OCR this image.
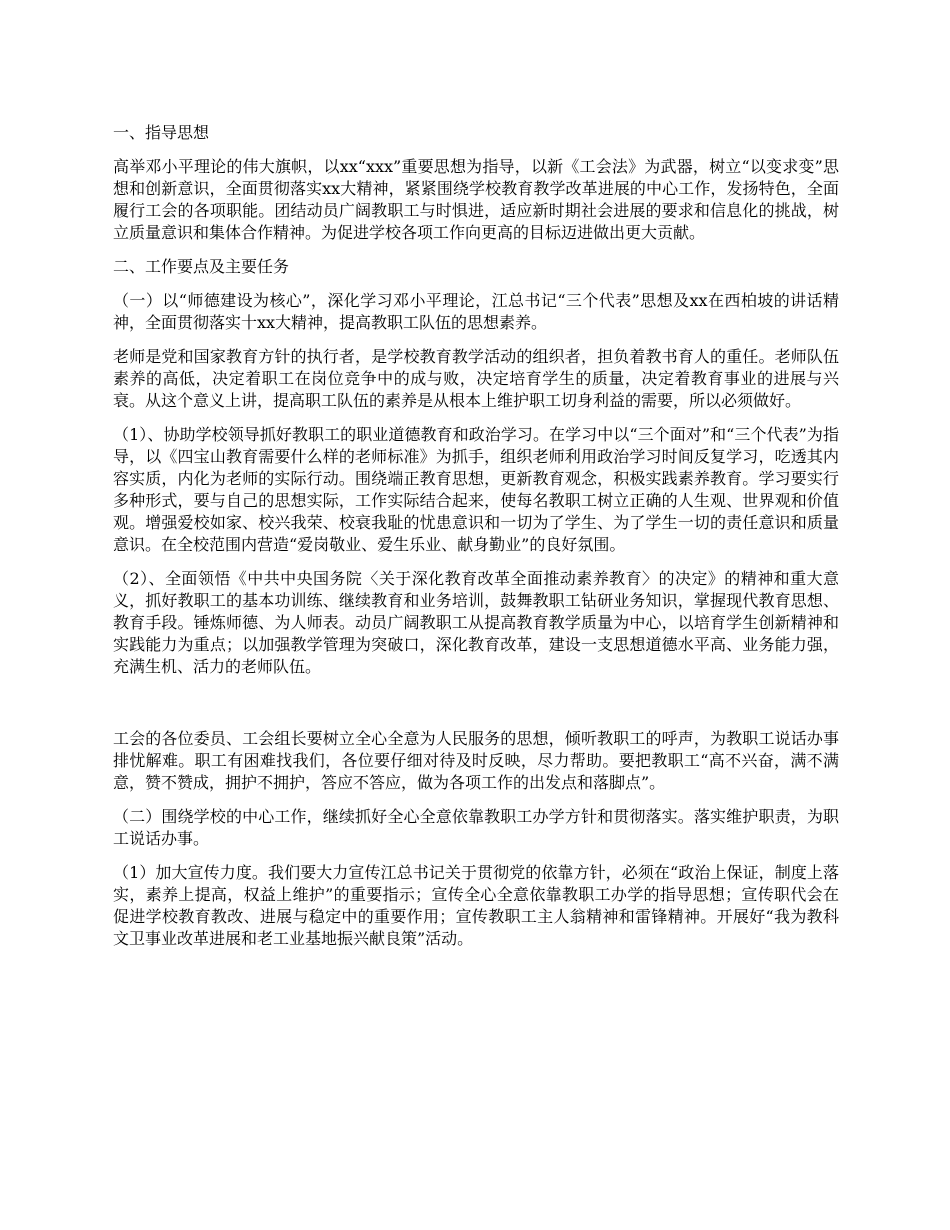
一、指导思想

高举邓小平理论的伟大旗帜，以xx“xxx”重要思想为指导，以新《工会法》为武器，树立“以变求变”思想和创新意识，全面贯彻落实xx大精神，紧紧围绕学校教育教学改革进展的中心工作，发扬特色，全面履行工会的各项职能。团结动员广阔教职工与时惧进，适应新时期社会进展的要求和信息化的挑战，树立质量意识和集体合作精神。为促进学校各项工作向更高的目标迈进做出更大贡献。

二、工作要点及主要任务

（一）以“师德建设为核心”，深化学习邓小平理论，江总书记“三个代表”思想及xx在西柏坡的讲话精神，全面贯彻落实十xx大精神，提高教职工队伍的思想素养。

老师是党和国家教育方针的执行者，是学校教育教学活动的组织者，担负着教书育人的重任。老师队伍素养的高低，决定着职工在岗位竞争中的成与败，决定培育学生的质量，决定着教育事业的进展与兴衰。从这个意义上讲，提高职工队伍的素养是从根本上维护职工切身利益的需要，所以必须做好。

（1）、协助学校领导抓好教职工的职业道德教育和政治学习。在学习中以“三个面对”和“三个代表”为指导，以《四宝山教育需要什么样的老师标准》为抓手，组织老师利用政治学习时间反复学习，吃透其内容实质，内化为老师的实际行动。围绕端正教育思想，更新教育观念，积极实践素养教育。学习要实行多种形式，要与自己的思想实际，工作实际结合起来，使每名教职工树立正确的人生观、世界观和价值观。增强爱校如家、校兴我荣、校衰我耻的忧患意识和一切为了学生、为了学生一切的责任意识和质量意识。在全校范围内营造“爱岗敬业、爱生乐业、献身勤业”的良好氛围。

（2）、全面领悟《中共中央国务院〈关于深化教育改革全面推动素养教育〉的决定》的精神和重大意义，抓好教职工的基本功训练、继续教育和业务培训，鼓舞教职工钻研业务知识，掌握现代教育思想、教育手段。锤炼师德、为人师表。动员广阔教职工从提高教育教学质量为中心，以培育学生创新精神和实践能力为重点；以加强教学管理为突破口，深化教育改革，建设一支思想道德水平高、业务能力强，充满生机、活力的老师队伍。

工会的各位委员、工会组长要树立全心全意为人民服务的思想，倾听教职工的呼声，为教职工说话办事排忧解难。职工有困难找我们，各位要仔细对待及时反映，尽力帮助。要把教职工“高不兴奋，满不满意，赞不赞成，拥护不拥护，答应不答应，做为各项工作的出发点和落脚点”。

（二）围绕学校的中心工作，继续抓好全心全意依靠教职工办学方针和贯彻落实。落实维护职责，为职工说话办事。

（1）加大宣传力度。我们要大力宣传江总书记关于贯彻党的依靠方针，必须在“政治上保证，制度上落实，素养上提高，权益上维护”的重要指示；宣传全心全意依靠教职工办学的指导思想；宣传职代会在促进学校教育教改、进展与稳定中的重要作用；宣传教职工主人翁精神和雷锋精神。开展好“我为教科文卫事业改革进展和老工业基地振兴献良策”活动。
